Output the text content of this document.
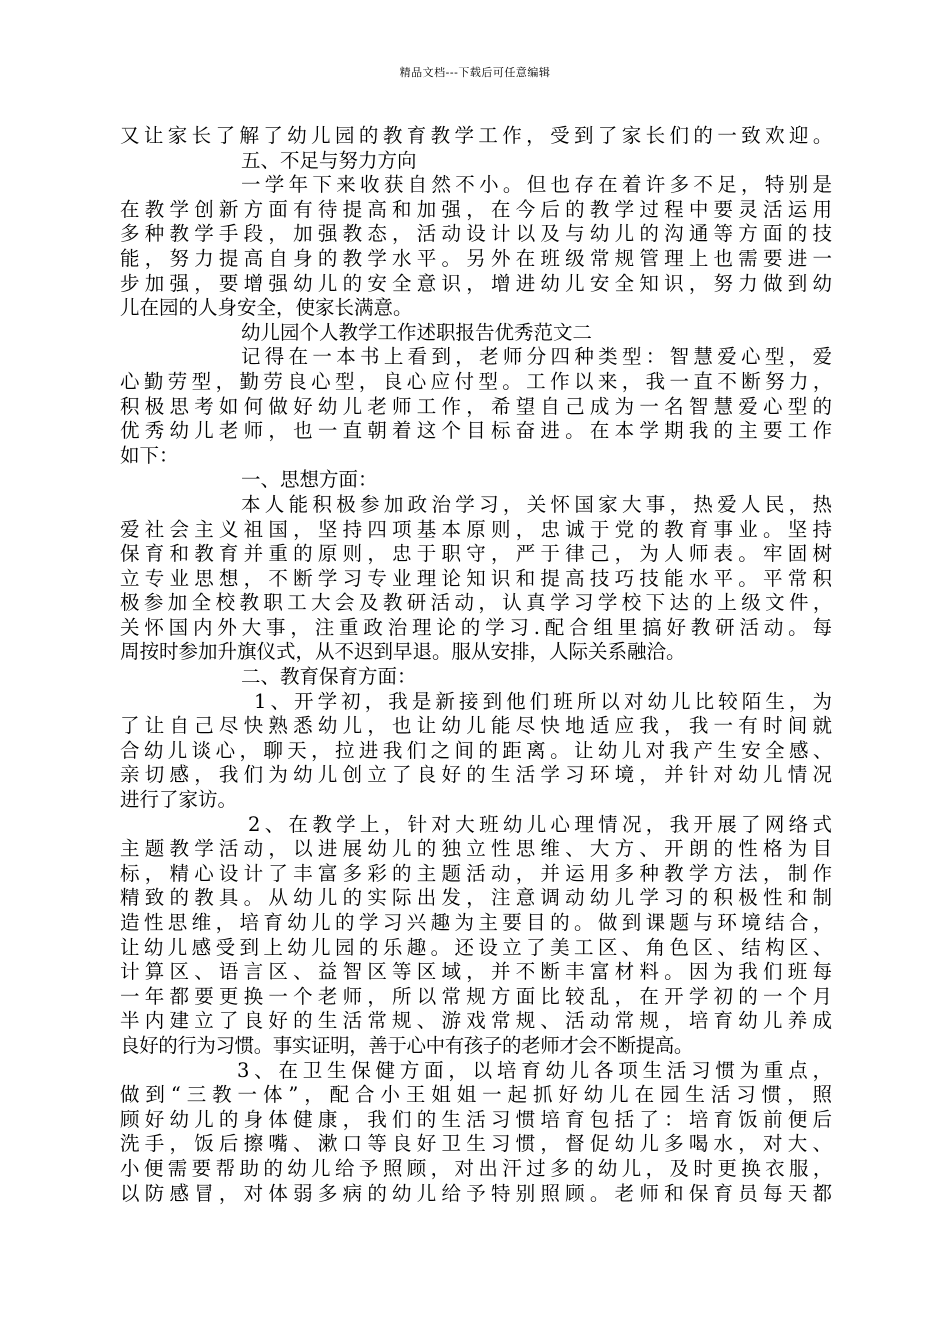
精品文档---下载后可任意编辑
又让家长了解了幼儿园的教育教学工作，受到了家长们的一致欢迎。
五、不足与努力方向
一学年下来收获自然不小。但也存在着许多不足，特别是
在教学创新方面有待提高和加强，在今后的教学过程中要灵活运用
多种教学手段，加强教态，活动设计以及与幼儿的沟通等方面的技
能，努力提高自身的教学水平。另外在班级常规管理上也需要进一
步加强，要增强幼儿的安全意识，增进幼儿安全知识，努力做到幼
儿在园的人身安全，使家长满意。
幼儿园个人教学工作述职报告优秀范文二
记得在一本书上看到，老师分四种类型：智慧爱心型，爱
心勤劳型，勤劳良心型，良心应付型。工作以来，我一直不断努力，
积极思考如何做好幼儿老师工作，希望自己成为一名智慧爱心型的
优秀幼儿老师，也一直朝着这个目标奋进。在本学期我的主要工作
如下：
一、思想方面：
本人能积极参加政治学习，关怀国家大事，热爱人民，热
爱社会主义祖国，坚持四项基本原则，忠诚于党的教育事业。坚持
保育和教育并重的原则，忠于职守，严于律己，为人师表。牢固树
立专业思想，不断学习专业理论知识和提高技巧技能水平。平常积
极参加全校教职工大会及教研活动，认真学习学校下达的上级文件，
关怀国内外大事，注重政治理论的学习.配合组里搞好教研活动。每
周按时参加升旗仪式，从不迟到早退。服从安排，人际关系融洽。
二、教育保育方面：
1、开学初，我是新接到他们班所以对幼儿比较陌生，为
了让自己尽快熟悉幼儿，也让幼儿能尽快地适应我，我一有时间就
合幼儿谈心，聊天，拉进我们之间的距离。让幼儿对我产生安全感、
亲切感，我们为幼儿创立了良好的生活学习环境，并针对幼儿情况
进行了家访。
2、在教学上，针对大班幼儿心理情况，我开展了网络式
主题教学活动，以进展幼儿的独立性思维、大方、开朗的性格为目
标，精心设计了丰富多彩的主题活动，并运用多种教学方法，制作
精致的教具。从幼儿的实际出发，注意调动幼儿学习的积极性和制
造性思维，培育幼儿的学习兴趣为主要目的。做到课题与环境结合，
让幼儿感受到上幼儿园的乐趣。还设立了美工区、角色区、结构区、
计算区、语言区、益智区等区域，并不断丰富材料。因为我们班每
一年都要更换一个老师，所以常规方面比较乱，在开学初的一个月
半内建立了良好的生活常规、游戏常规、活动常规，培育幼儿养成
良好的行为习惯。事实证明，善于心中有孩子的老师才会不断提高。
3、在卫生保健方面，以培育幼儿各项生活习惯为重点，
做到“三教一体”，配合小王姐姐一起抓好幼儿在园生活习惯，照
顾好幼儿的身体健康，我们的生活习惯培育包括了：培育饭前便后
洗手，饭后擦嘴、漱口等良好卫生习惯，督促幼儿多喝水，对大、
小便需要帮助的幼儿给予照顾，对出汗过多的幼儿，及时更换衣服，
以防感冒，对体弱多病的幼儿给予特别照顾。老师和保育员每天都
